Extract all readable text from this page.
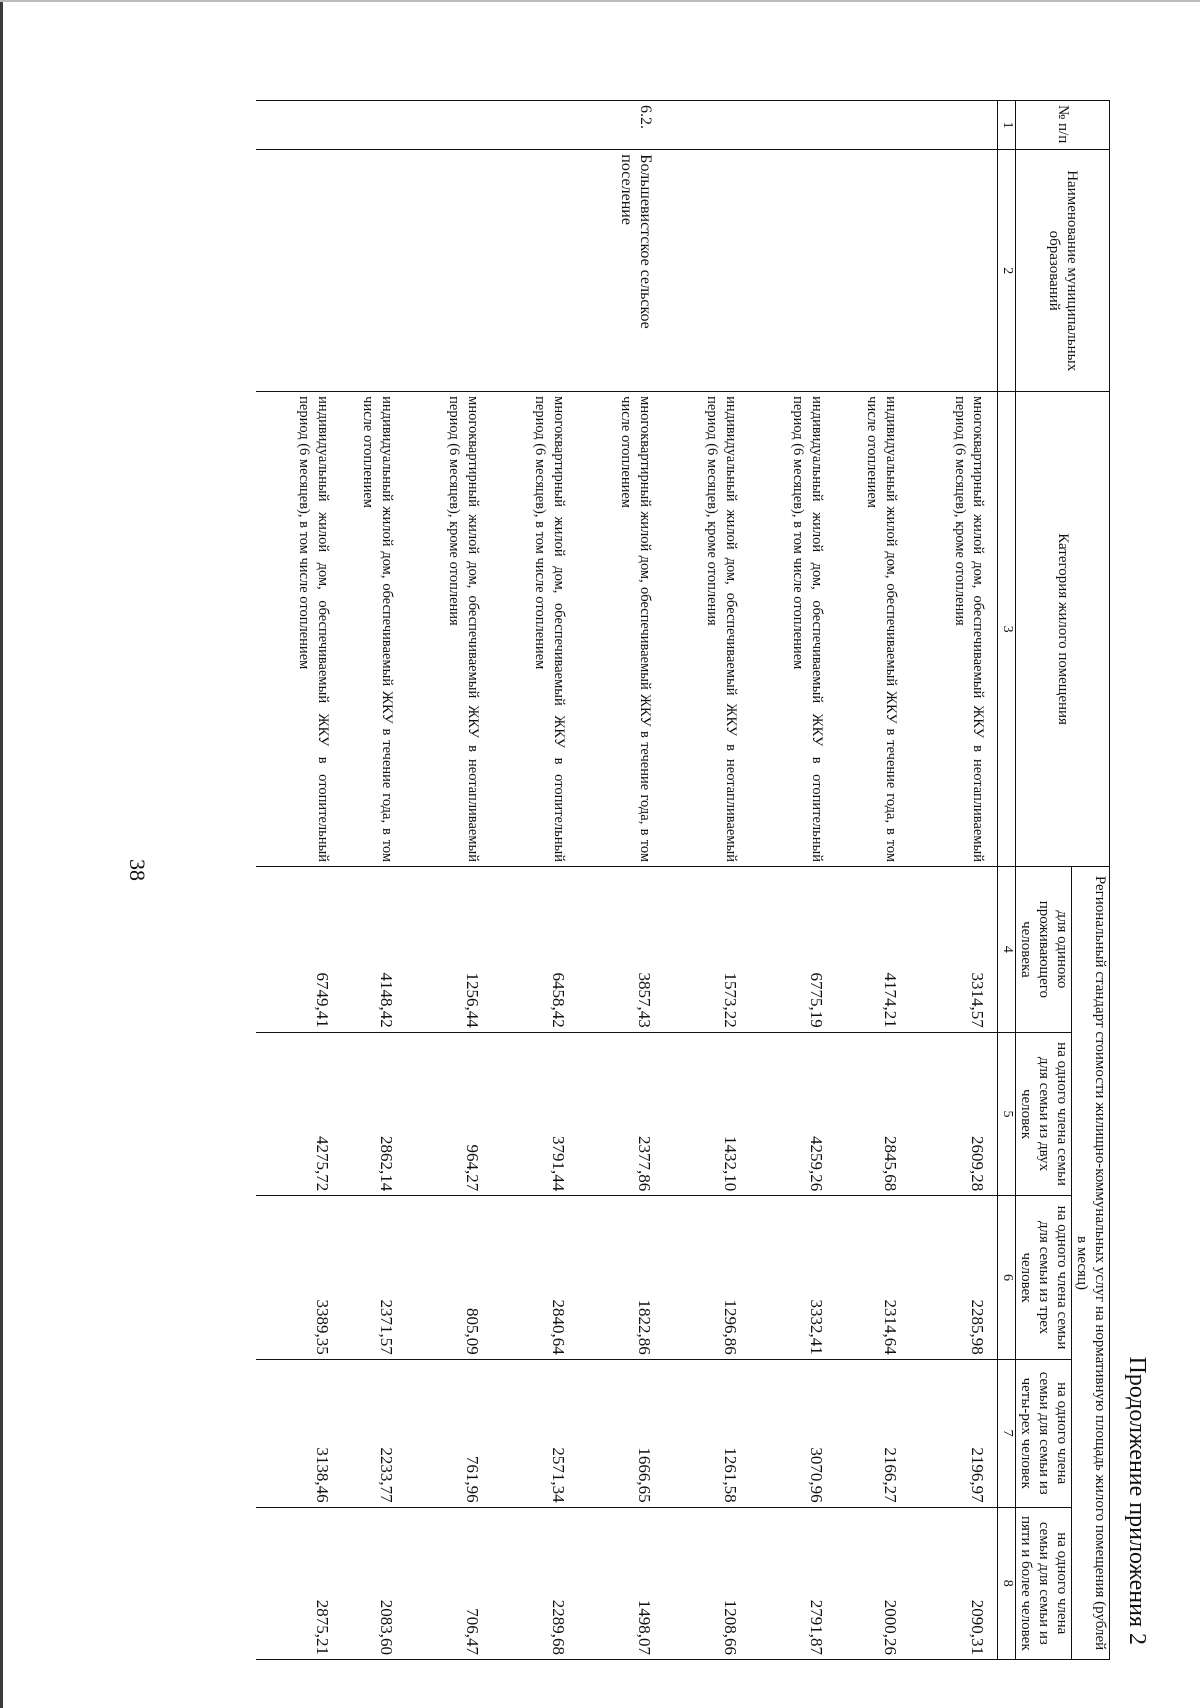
Продолжение приложения 2
38
№ п/п	Наименование муниципальных образований	Категория жилого помещения	Региональный стандарт стоимости жилищно-коммунальных услуг на нормативную площадь жилого помещения (рублей в месяц)				
			для одиноко проживающего человека	на одного члена семьи для семьи из двух человек	на одного члена семьи для семьи из трех человек	на одного члена семьи для семьи из четы-рех человек	на одного члена семьи для семьи из пяти и более человек
1	2	3	4	5	6	7	8
		многоквартирный жилой дом, обеспечиваемый ЖКУ в неотапливаемый период (6 месяцев), кроме отопления	3314,57	2609,28	2285,98	2196,97	2090,31
		индивидуальный жилой дом, обеспечиваемый ЖКУ в течение года, в том числе отоплением	4174,21	2845,68	2314,64	2166,27	2000,26
		индивидуальный жилой дом, обеспечиваемый ЖКУ в отопительный период (6 месяцев), в том числе отоплением	6775,19	4259,26	3332,41	3070,96	2791,87
		индивидуальный жилой дом, обеспечиваемый ЖКУ в неотапливаемый период (6 месяцев), кроме отопления	1573,22	1432,10	1296,86	1261,58	1208,66
6.2.	Большевистское сельское поселение	многоквартирный жилой дом, обеспечиваемый ЖКУ в течение года, в том числе отоплением	3857,43	2377,86	1822,86	1666,65	1498,07
		многоквартирный жилой дом, обеспечиваемый ЖКУ в отопительный период (6 месяцев), в том числе отоплением	6458,42	3791,44	2840,64	2571,34	2289,68
		многоквартирный жилой дом, обеспечиваемый ЖКУ в неотапливаемый период (6 месяцев), кроме отопления	1256,44	964,27	805,09	761,96	706,47
		индивидуальный жилой дом, обеспечиваемый ЖКУ в течение года, в том числе отоплением	4148,42	2862,14	2371,57	2233,77	2083,60
		индивидуальный жилой дом, обеспечиваемый ЖКУ в отопительный период (6 месяцев), в том числе отоплением	6749,41	4275,72	3389,35	3138,46	2875,21
